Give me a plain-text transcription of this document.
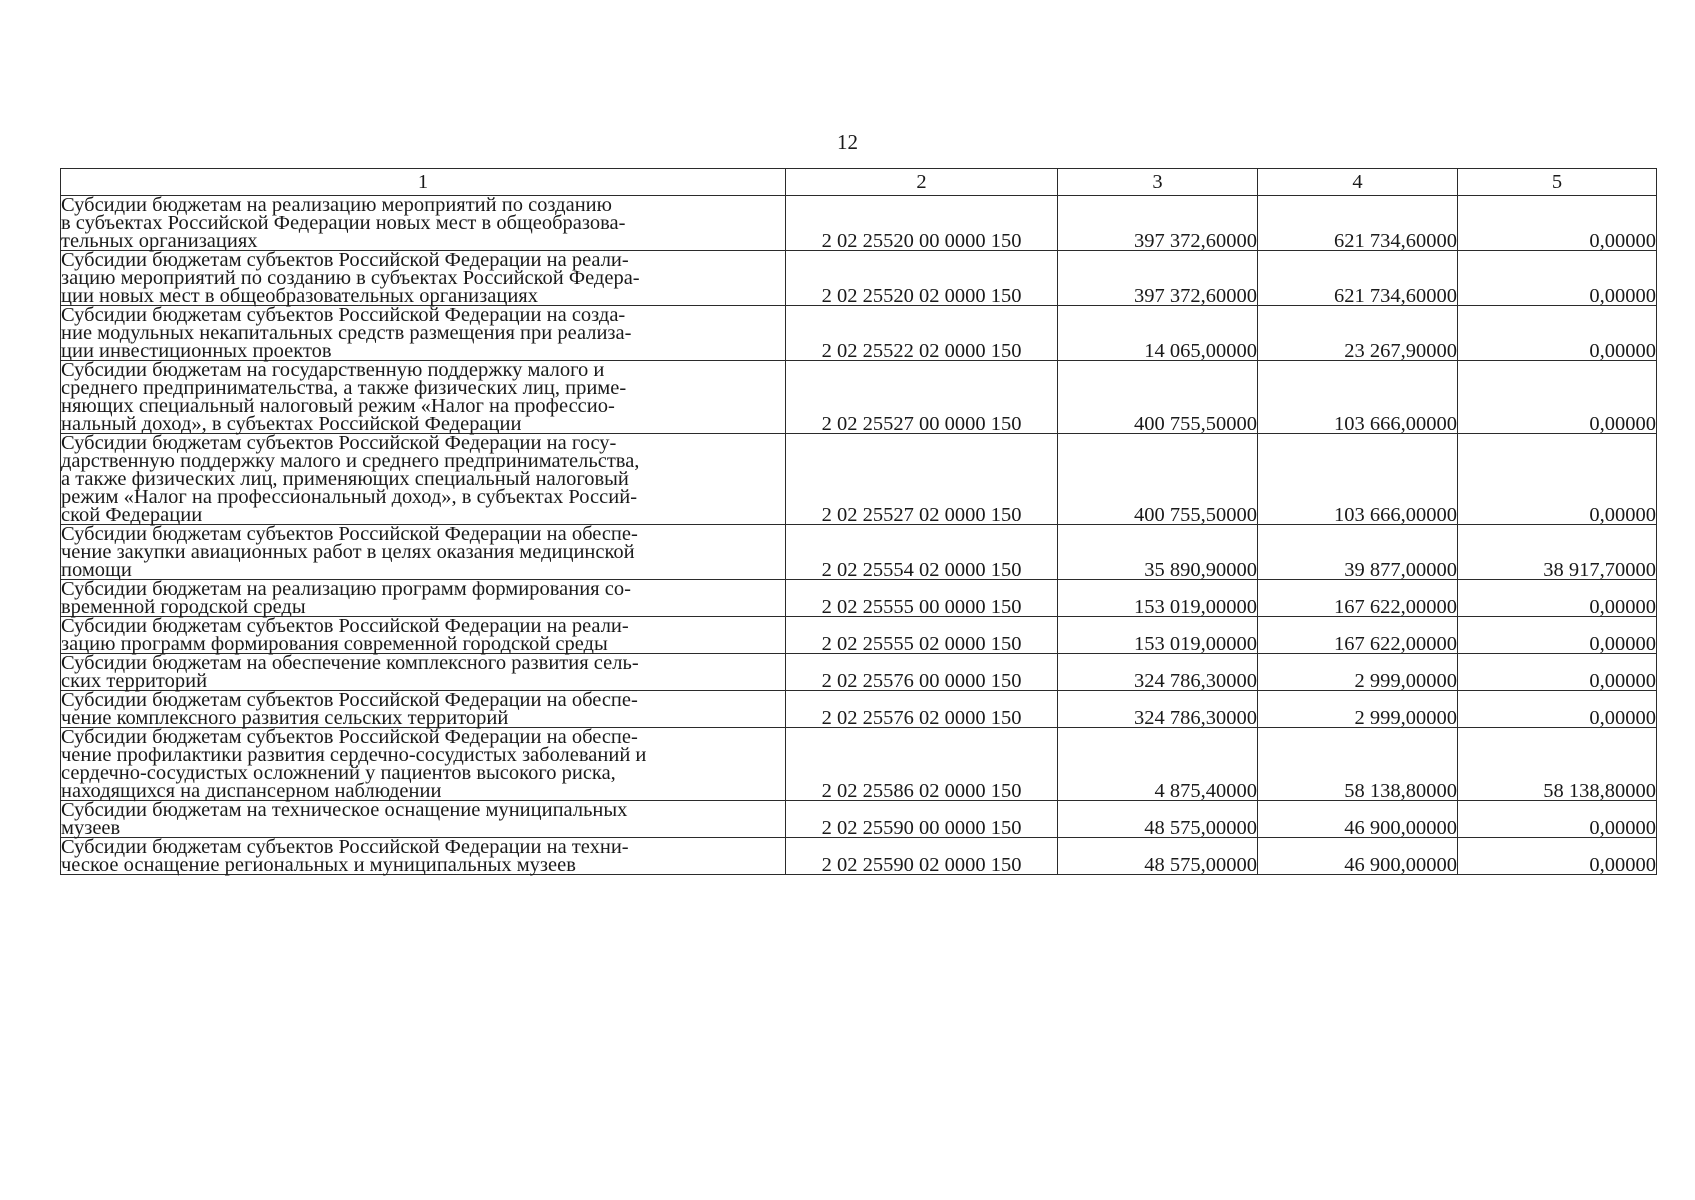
12
1	2	3	4	5

Субсидии бюджетам на реализацию мероприятий по созданию
в субъектах Российской Федерации новых мест в общеобразова-
тельных организациях	2 02 25520 00 0000 150	397 372,60000	621 734,60000	0,00000

Субсидии бюджетам субъектов Российской Федерации на реали-
зацию мероприятий по созданию в субъектах Российской Федера-
ции новых мест в общеобразовательных организациях	2 02 25520 02 0000 150	397 372,60000	621 734,60000	0,00000

Субсидии бюджетам субъектов Российской Федерации на созда-
ние модульных некапитальных средств размещения при реализа-
ции инвестиционных проектов	2 02 25522 02 0000 150	14 065,00000	23 267,90000	0,00000

Субсидии бюджетам на государственную поддержку малого и
среднего предпринимательства, а также физических лиц, приме-
няющих специальный налоговый режим «Налог на профессио-
нальный доход», в субъектах Российской Федерации	2 02 25527 00 0000 150	400 755,50000	103 666,00000	0,00000

Субсидии бюджетам субъектов Российской Федерации на госу-
дарственную поддержку малого и среднего предпринимательства,
а также физических лиц, применяющих специальный налоговый
режим «Налог на профессиональный доход», в субъектах Россий-
ской Федерации	2 02 25527 02 0000 150	400 755,50000	103 666,00000	0,00000

Субсидии бюджетам субъектов Российской Федерации на обеспе-
чение закупки авиационных работ в целях оказания медицинской
помощи	2 02 25554 02 0000 150	35 890,90000	39 877,00000	38 917,70000

Субсидии бюджетам на реализацию программ формирования со-
временной городской среды	2 02 25555 00 0000 150	153 019,00000	167 622,00000	0,00000

Субсидии бюджетам субъектов Российской Федерации на реали-
зацию программ формирования современной городской среды	2 02 25555 02 0000 150	153 019,00000	167 622,00000	0,00000

Субсидии бюджетам на обеспечение комплексного развития сель-
ских территорий	2 02 25576 00 0000 150	324 786,30000	2 999,00000	0,00000

Субсидии бюджетам субъектов Российской Федерации на обеспе-
чение комплексного развития сельских территорий	2 02 25576 02 0000 150	324 786,30000	2 999,00000	0,00000

Субсидии бюджетам субъектов Российской Федерации на обеспе-
чение профилактики развития сердечно-сосудистых заболеваний и
сердечно-сосудистых осложнений у пациентов высокого риска,
находящихся на диспансерном наблюдении	2 02 25586 02 0000 150	4 875,40000	58 138,80000	58 138,80000

Субсидии бюджетам на техническое оснащение муниципальных
музеев	2 02 25590 00 0000 150	48 575,00000	46 900,00000	0,00000

Субсидии бюджетам субъектов Российской Федерации на техни-
ческое оснащение региональных и муниципальных музеев	2 02 25590 02 0000 150	48 575,00000	46 900,00000	0,00000
